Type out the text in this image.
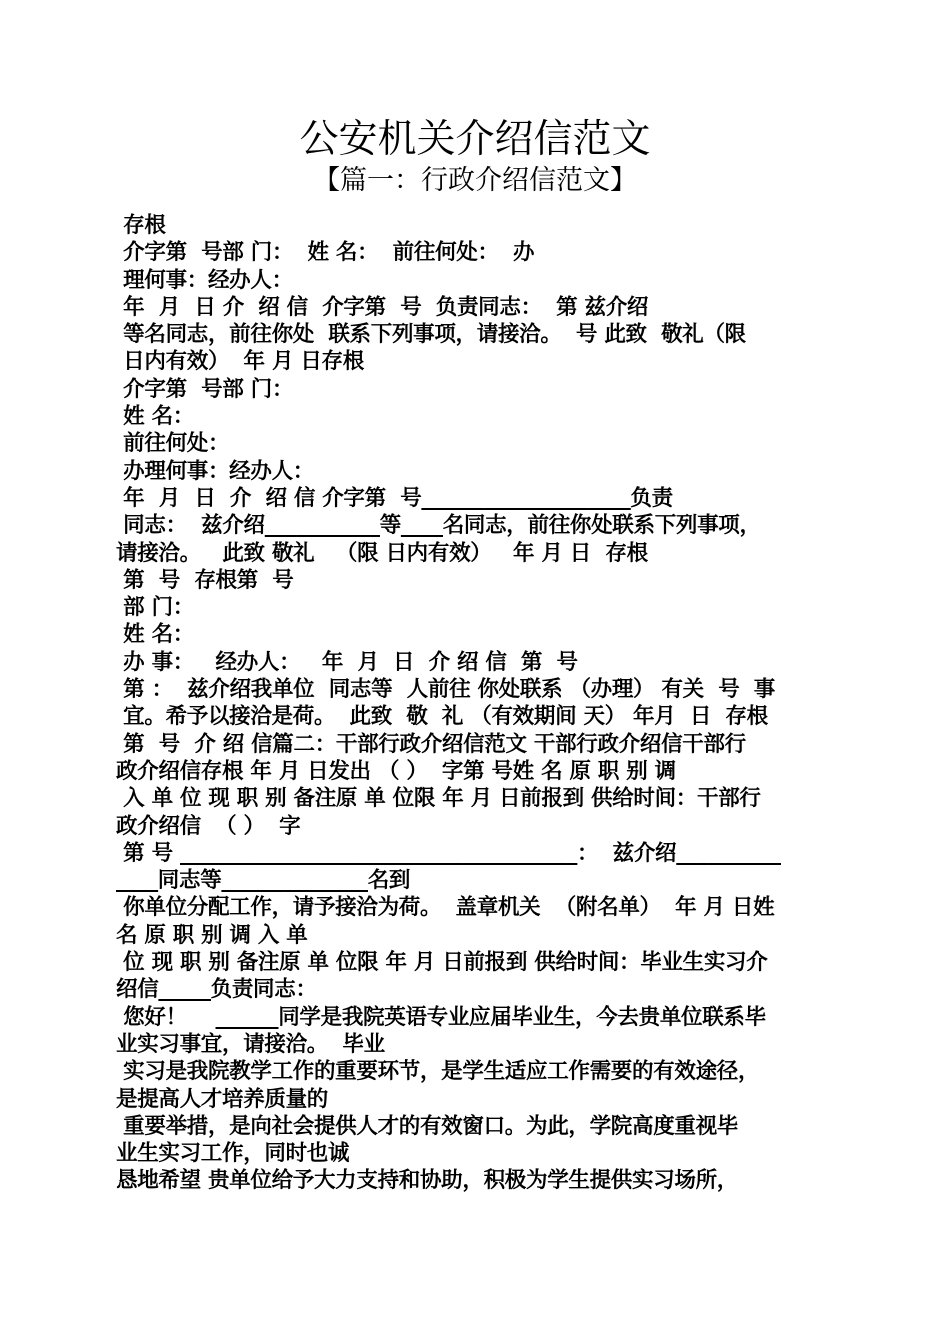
公安机关介绍信范文
【篇一：行政介绍信范文】
存根
介字第  号部 门：  姓 名：  前往何处：  办
理何事：经办人：
年  月  日 介  绍 信  介字第  号  负责同志：  第 兹介绍
等名同志，前往你处  联系下列事项，请接洽。  号 此致  敬礼（限
日内有效）  年 月 日存根
介字第  号部 门：
姓 名：
前往何处：
办理何事：经办人：
年  月  日  介  绍 信 介字第  号____________________负责
同志：  兹介绍___________等____名同志，前往你处联系下列事项，
请接洽。   此致 敬礼   （限 日内有效）   年 月 日  存根
第  号  存根第  号
部 门：
姓 名：
办 事：   经办人：   年  月  日  介 绍 信  第  号
第 ：  兹介绍我单位  同志等  人前往 你处联系 （办理） 有关  号  事
宜。希予以接洽是荷。  此致  敬  礼 （有效期间 天） 年月  日  存根
第  号  介 绍 信篇二：干部行政介绍信范文 干部行政介绍信干部行
政介绍信存根 年 月 日发出 （ ）  字第 号姓 名 原 职 别 调
入 单 位 现 职 别 备注原 单 位限 年 月 日前报到 供给时间：干部行
政介绍信  （ ）  字
第 号 ______________________________________：  兹介绍__________
____同志等______________名到
你单位分配工作，请予接洽为荷。  盖章机关  （附名单）  年 月 日姓
名 原 职 别 调 入 单
位 现 职 别 备注原 单 位限 年 月 日前报到 供给时间：毕业生实习介
绍信_____负责同志：
您好！    ______同学是我院英语专业应届毕业生，今去贵单位联系毕
业实习事宜，请接洽。  毕业
实习是我院教学工作的重要环节，是学生适应工作需要的有效途径，
是提高人才培养质量的
重要举措，是向社会提供人才的有效窗口。为此，学院高度重视毕
业生实习工作，同时也诚
恳地希望 贵单位给予大力支持和协助，积极为学生提供实习场所，
